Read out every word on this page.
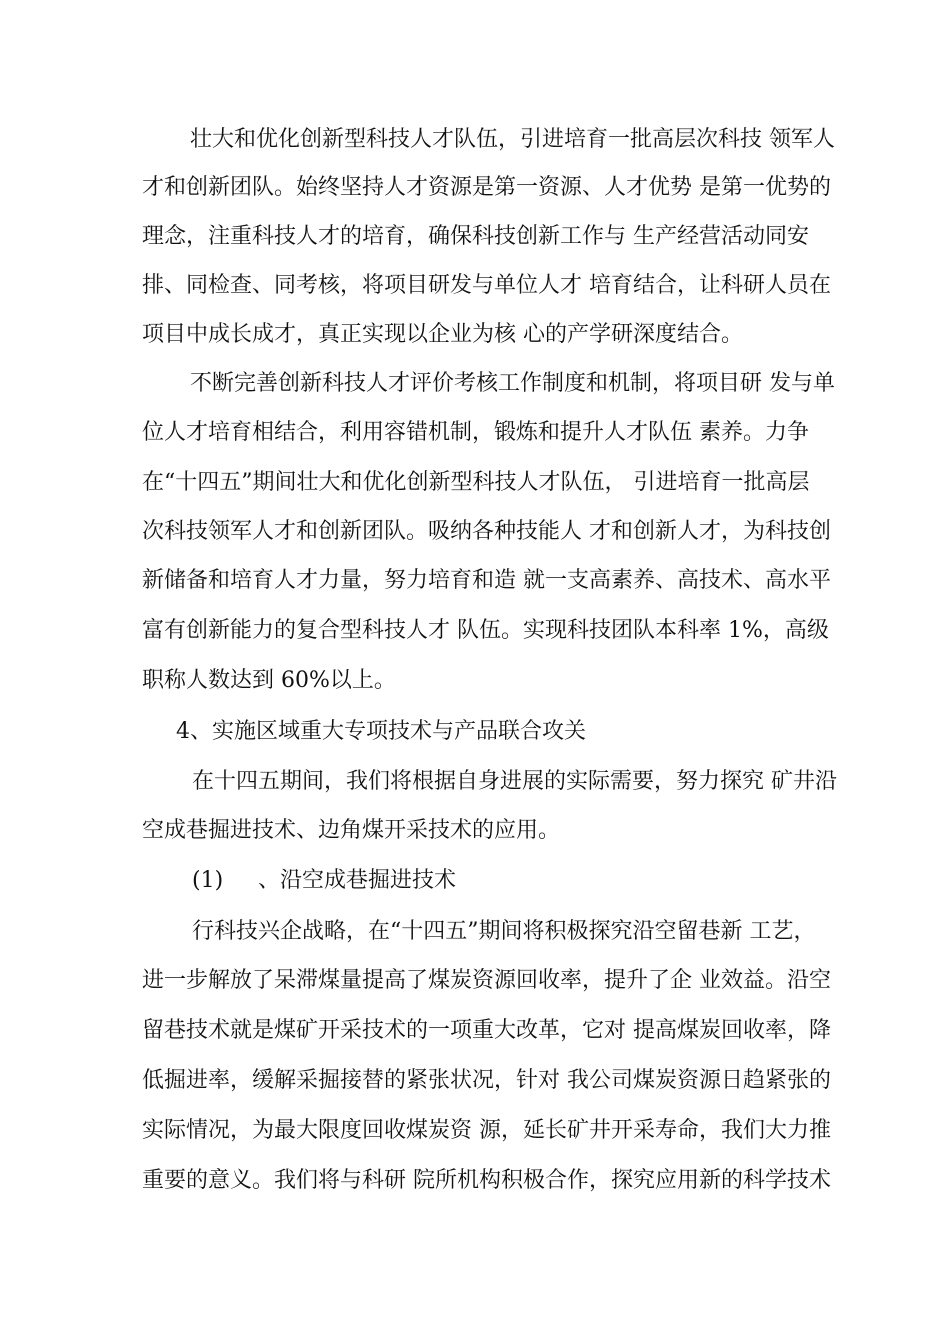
壮大和优化创新型科技人才队伍，引进培育一批高层次科技 领军人
才和创新团队。始终坚持人才资源是第一资源、人才优势 是第一优势的
理念，注重科技人才的培育，确保科技创新工作与 生产经营活动同安
排、同检查、同考核，将项目研发与单位人才 培育结合，让科研人员在
项目中成长成才，真正实现以企业为核 心的产学研深度结合。
不断完善创新科技人才评价考核工作制度和机制，将项目研 发与单
位人才培育相结合，利用容错机制，锻炼和提升人才队伍 素养。力争
在“十四五”期间壮大和优化创新型科技人才队伍， 引进培育一批高层
次科技领军人才和创新团队。吸纳各种技能人 才和创新人才，为科技创
新储备和培育人才力量，努力培育和造 就一支高素养、高技术、高水平
富有创新能力的复合型科技人才 队伍。实现科技团队本科率 1%，高级
职称人数达到 60%以上。
4、实施区域重大专项技术与产品联合攻关
在十四五期间，我们将根据自身进展的实际需要，努力探究 矿井沿
空成巷掘进技术、边角煤开采技术的应用。
(1) 、沿空成巷掘进技术
行科技兴企战略，在“十四五”期间将积极探究沿空留巷新 工艺，
进一步解放了呆滞煤量提高了煤炭资源回收率，提升了企 业效益。沿空
留巷技术就是煤矿开采技术的一项重大改革，它对 提高煤炭回收率，降
低掘进率，缓解采掘接替的紧张状况，针对 我公司煤炭资源日趋紧张的
实际情况，为最大限度回收煤炭资 源，延长矿井开采寿命，我们大力推
重要的意义。我们将与科研 院所机构积极合作，探究应用新的科学技术
